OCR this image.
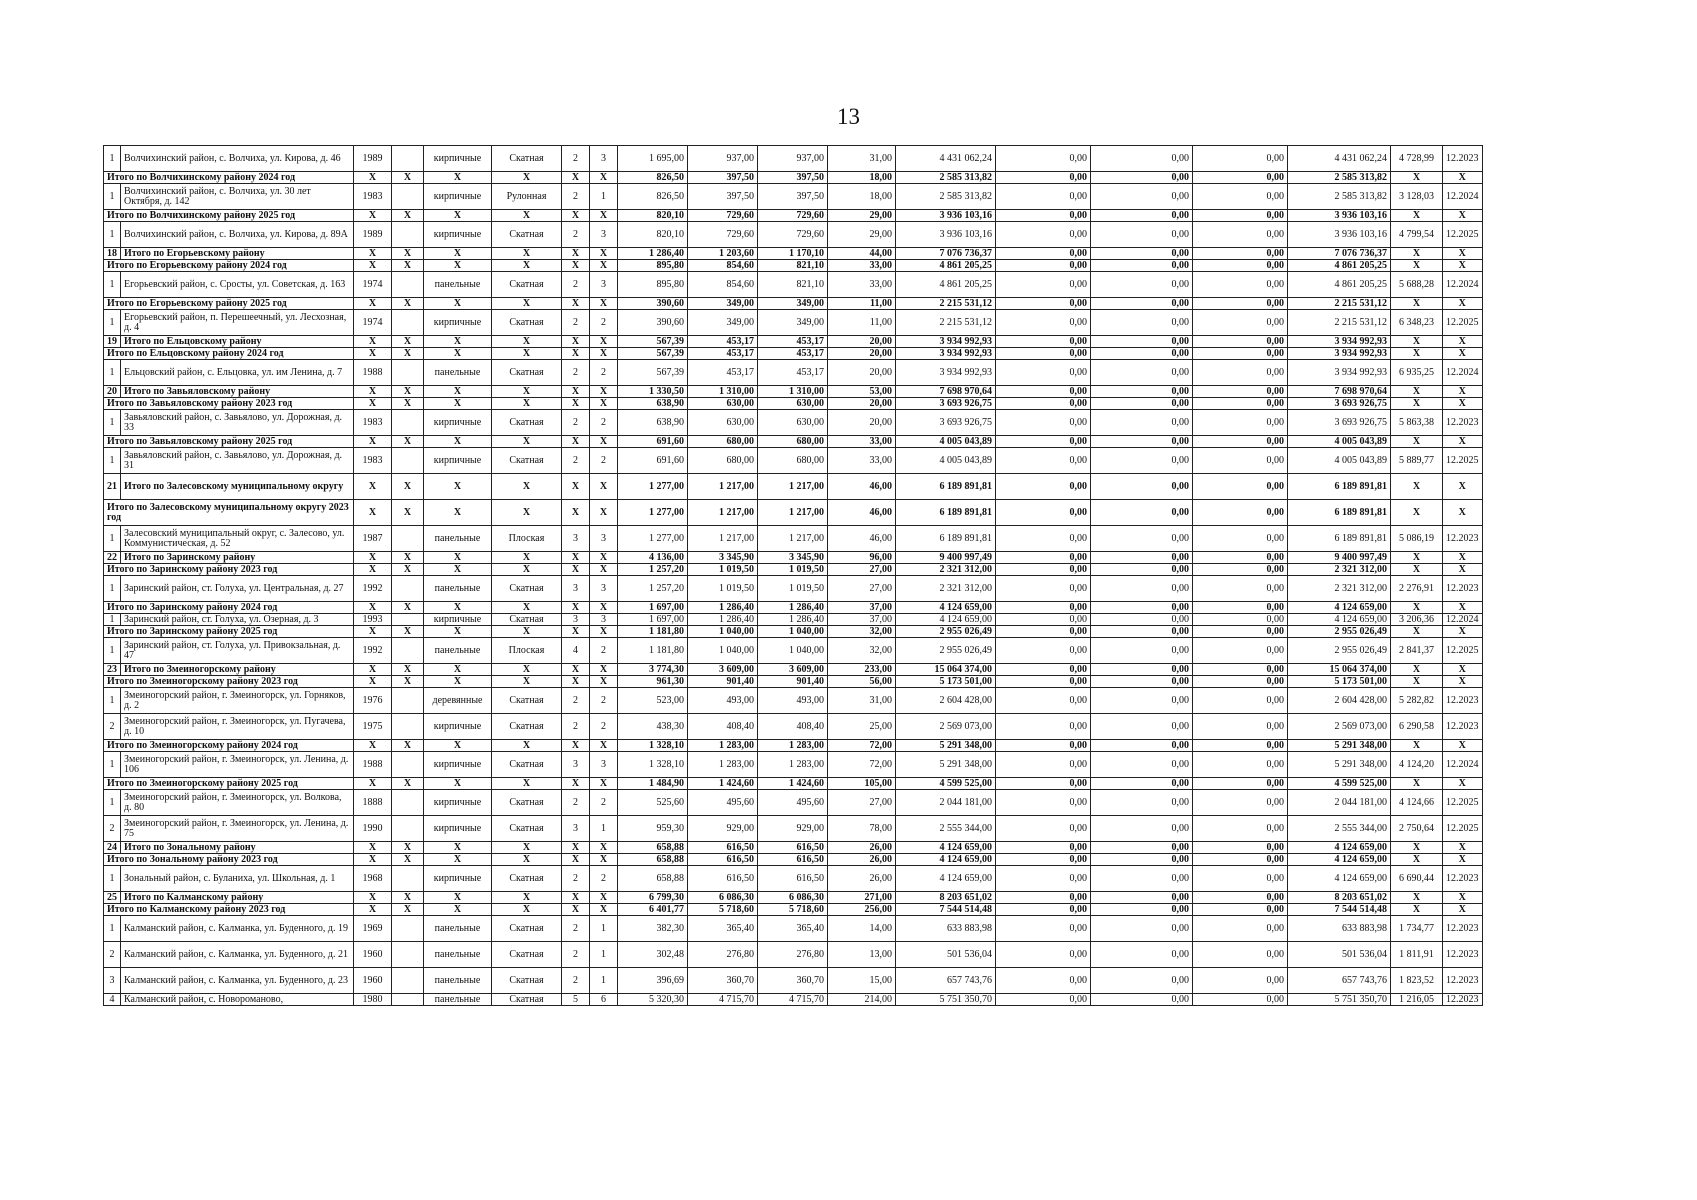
13
1	Волчихинский район, с. Волчиха, ул. Кирова, д. 46	1989		кирпичные	Скатная	2	3	1 695,00	937,00	937,00	31,00	4 431 062,24	0,00	0,00	0,00	4 431 062,24	4 728,99	12.2023
Итого по Волчихинскому району 2024 год		X	X	X	X	X	X	826,50	397,50	397,50	18,00	2 585 313,82	0,00	0,00	0,00	2 585 313,82	X	X
1	Волчихинский район, с. Волчиха, ул. 30 лет Октября, д. 142	1983		кирпичные	Рулонная	2	1	826,50	397,50	397,50	18,00	2 585 313,82	0,00	0,00	0,00	2 585 313,82	3 128,03	12.2024
Итого по Волчихинскому району 2025 год		X	X	X	X	X	X	820,10	729,60	729,60	29,00	3 936 103,16	0,00	0,00	0,00	3 936 103,16	X	X
1	Волчихинский район, с. Волчиха, ул. Кирова, д. 89А	1989		кирпичные	Скатная	2	3	820,10	729,60	729,60	29,00	3 936 103,16	0,00	0,00	0,00	3 936 103,16	4 799,54	12.2025
18	Итого по Егорьевскому району	X	X	X	X	X	X	1 286,40	1 203,60	1 170,10	44,00	7 076 736,37	0,00	0,00	0,00	7 076 736,37	X	X
Итого по Егорьевскому району 2024 год		X	X	X	X	X	X	895,80	854,60	821,10	33,00	4 861 205,25	0,00	0,00	0,00	4 861 205,25	X	X
1	Егорьевский район, с. Сросты, ул. Советская, д. 163	1974		панельные	Скатная	2	3	895,80	854,60	821,10	33,00	4 861 205,25	0,00	0,00	0,00	4 861 205,25	5 688,28	12.2024
Итого по Егорьевскому району 2025 год		X	X	X	X	X	X	390,60	349,00	349,00	11,00	2 215 531,12	0,00	0,00	0,00	2 215 531,12	X	X
1	Егорьевский район, п. Перешеечный, ул. Лесхозная, д. 4	1974		кирпичные	Скатная	2	2	390,60	349,00	349,00	11,00	2 215 531,12	0,00	0,00	0,00	2 215 531,12	6 348,23	12.2025
19	Итого по Ельцовскому району	X	X	X	X	X	X	567,39	453,17	453,17	20,00	3 934 992,93	0,00	0,00	0,00	3 934 992,93	X	X
Итого по Ельцовскому району 2024 год		X	X	X	X	X	X	567,39	453,17	453,17	20,00	3 934 992,93	0,00	0,00	0,00	3 934 992,93	X	X
1	Ельцовский район, с. Ельцовка, ул. им Ленина, д. 7	1988		панельные	Скатная	2	2	567,39	453,17	453,17	20,00	3 934 992,93	0,00	0,00	0,00	3 934 992,93	6 935,25	12.2024
20	Итого по Завьяловскому району	X	X	X	X	X	X	1 330,50	1 310,00	1 310,00	53,00	7 698 970,64	0,00	0,00	0,00	7 698 970,64	X	X
Итого по Завьяловскому району 2023 год		X	X	X	X	X	X	638,90	630,00	630,00	20,00	3 693 926,75	0,00	0,00	0,00	3 693 926,75	X	X
1	Завьяловский район, с. Завьялово, ул. Дорожная, д. 33	1983		кирпичные	Скатная	2	2	638,90	630,00	630,00	20,00	3 693 926,75	0,00	0,00	0,00	3 693 926,75	5 863,38	12.2023
Итого по Завьяловскому району 2025 год		X	X	X	X	X	X	691,60	680,00	680,00	33,00	4 005 043,89	0,00	0,00	0,00	4 005 043,89	X	X
1	Завьяловский район, с. Завьялово, ул. Дорожная, д. 31	1983		кирпичные	Скатная	2	2	691,60	680,00	680,00	33,00	4 005 043,89	0,00	0,00	0,00	4 005 043,89	5 889,77	12.2025
21	Итого по Залесовскому муниципальному округу	X	X	X	X	X	X	1 277,00	1 217,00	1 217,00	46,00	6 189 891,81	0,00	0,00	0,00	6 189 891,81	X	X
Итого по Залесовскому муниципальному округу 2023 год		X	X	X	X	X	X	1 277,00	1 217,00	1 217,00	46,00	6 189 891,81	0,00	0,00	0,00	6 189 891,81	X	X
1	Залесовский муниципальный округ, с. Залесово, ул. Коммунистическая, д. 52	1987		панельные	Плоская	3	3	1 277,00	1 217,00	1 217,00	46,00	6 189 891,81	0,00	0,00	0,00	6 189 891,81	5 086,19	12.2023
22	Итого по Заринскому району	X	X	X	X	X	X	4 136,00	3 345,90	3 345,90	96,00	9 400 997,49	0,00	0,00	0,00	9 400 997,49	X	X
Итого по Заринскому району 2023 год		X	X	X	X	X	X	1 257,20	1 019,50	1 019,50	27,00	2 321 312,00	0,00	0,00	0,00	2 321 312,00	X	X
1	Заринский район, ст. Голуха, ул. Центральная, д. 27	1992		панельные	Скатная	3	3	1 257,20	1 019,50	1 019,50	27,00	2 321 312,00	0,00	0,00	0,00	2 321 312,00	2 276,91	12.2023
Итого по Заринскому району 2024 год		X	X	X	X	X	X	1 697,00	1 286,40	1 286,40	37,00	4 124 659,00	0,00	0,00	0,00	4 124 659,00	X	X
1	Заринский район, ст. Голуха, ул. Озерная, д. 3	1993		кирпичные	Скатная	3	3	1 697,00	1 286,40	1 286,40	37,00	4 124 659,00	0,00	0,00	0,00	4 124 659,00	3 206,36	12.2024
Итого по Заринскому району 2025 год		X	X	X	X	X	X	1 181,80	1 040,00	1 040,00	32,00	2 955 026,49	0,00	0,00	0,00	2 955 026,49	X	X
1	Заринский район, ст. Голуха, ул. Привокзальная, д. 47	1992		панельные	Плоская	4	2	1 181,80	1 040,00	1 040,00	32,00	2 955 026,49	0,00	0,00	0,00	2 955 026,49	2 841,37	12.2025
23	Итого по Змеиногорскому району	X	X	X	X	X	X	3 774,30	3 609,00	3 609,00	233,00	15 064 374,00	0,00	0,00	0,00	15 064 374,00	X	X
Итого по Змеиногорскому району 2023 год		X	X	X	X	X	X	961,30	901,40	901,40	56,00	5 173 501,00	0,00	0,00	0,00	5 173 501,00	X	X
1	Змеиногорский район, г. Змеиногорск, ул. Горняков, д. 2	1976		деревянные	Скатная	2	2	523,00	493,00	493,00	31,00	2 604 428,00	0,00	0,00	0,00	2 604 428,00	5 282,82	12.2023
2	Змеиногорский район, г. Змеиногорск, ул. Пугачева, д. 10	1975		кирпичные	Скатная	2	2	438,30	408,40	408,40	25,00	2 569 073,00	0,00	0,00	0,00	2 569 073,00	6 290,58	12.2023
Итого по Змеиногорскому району 2024 год		X	X	X	X	X	X	1 328,10	1 283,00	1 283,00	72,00	5 291 348,00	0,00	0,00	0,00	5 291 348,00	X	X
1	Змеиногорский район, г. Змеиногорск, ул. Ленина, д. 106	1988		кирпичные	Скатная	3	3	1 328,10	1 283,00	1 283,00	72,00	5 291 348,00	0,00	0,00	0,00	5 291 348,00	4 124,20	12.2024
Итого по Змеиногорскому району 2025 год		X	X	X	X	X	X	1 484,90	1 424,60	1 424,60	105,00	4 599 525,00	0,00	0,00	0,00	4 599 525,00	X	X
1	Змеиногорский район, г. Змеиногорск, ул. Волкова, д. 80	1888		кирпичные	Скатная	2	2	525,60	495,60	495,60	27,00	2 044 181,00	0,00	0,00	0,00	2 044 181,00	4 124,66	12.2025
2	Змеиногорский район, г. Змеиногорск, ул. Ленина, д. 75	1990		кирпичные	Скатная	3	1	959,30	929,00	929,00	78,00	2 555 344,00	0,00	0,00	0,00	2 555 344,00	2 750,64	12.2025
24	Итого по Зональному району	X	X	X	X	X	X	658,88	616,50	616,50	26,00	4 124 659,00	0,00	0,00	0,00	4 124 659,00	X	X
Итого по Зональному району 2023 год		X	X	X	X	X	X	658,88	616,50	616,50	26,00	4 124 659,00	0,00	0,00	0,00	4 124 659,00	X	X
1	Зональный район, с. Буланиха, ул. Школьная, д. 1	1968		кирпичные	Скатная	2	2	658,88	616,50	616,50	26,00	4 124 659,00	0,00	0,00	0,00	4 124 659,00	6 690,44	12.2023
25	Итого по Калманскому району	X	X	X	X	X	X	6 799,30	6 086,30	6 086,30	271,00	8 203 651,02	0,00	0,00	0,00	8 203 651,02	X	X
Итого по Калманскому району 2023 год		X	X	X	X	X	X	6 401,77	5 718,60	5 718,60	256,00	7 544 514,48	0,00	0,00	0,00	7 544 514,48	X	X
1	Калманский район, с. Калманка, ул. Буденного, д. 19	1969		панельные	Скатная	2	1	382,30	365,40	365,40	14,00	633 883,98	0,00	0,00	0,00	633 883,98	1 734,77	12.2023
2	Калманский район, с. Калманка, ул. Буденного, д. 21	1960		панельные	Скатная	2	1	302,48	276,80	276,80	13,00	501 536,04	0,00	0,00	0,00	501 536,04	1 811,91	12.2023
3	Калманский район, с. Калманка, ул. Буденного, д. 23	1960		панельные	Скатная	2	1	396,69	360,70	360,70	15,00	657 743,76	0,00	0,00	0,00	657 743,76	1 823,52	12.2023
4	Калманский район, с. Новороманово,	1980		панельные	Скатная	5	6	5 320,30	4 715,70	4 715,70	214,00	5 751 350,70	0,00	0,00	0,00	5 751 350,70	1 216,05	12.2023
